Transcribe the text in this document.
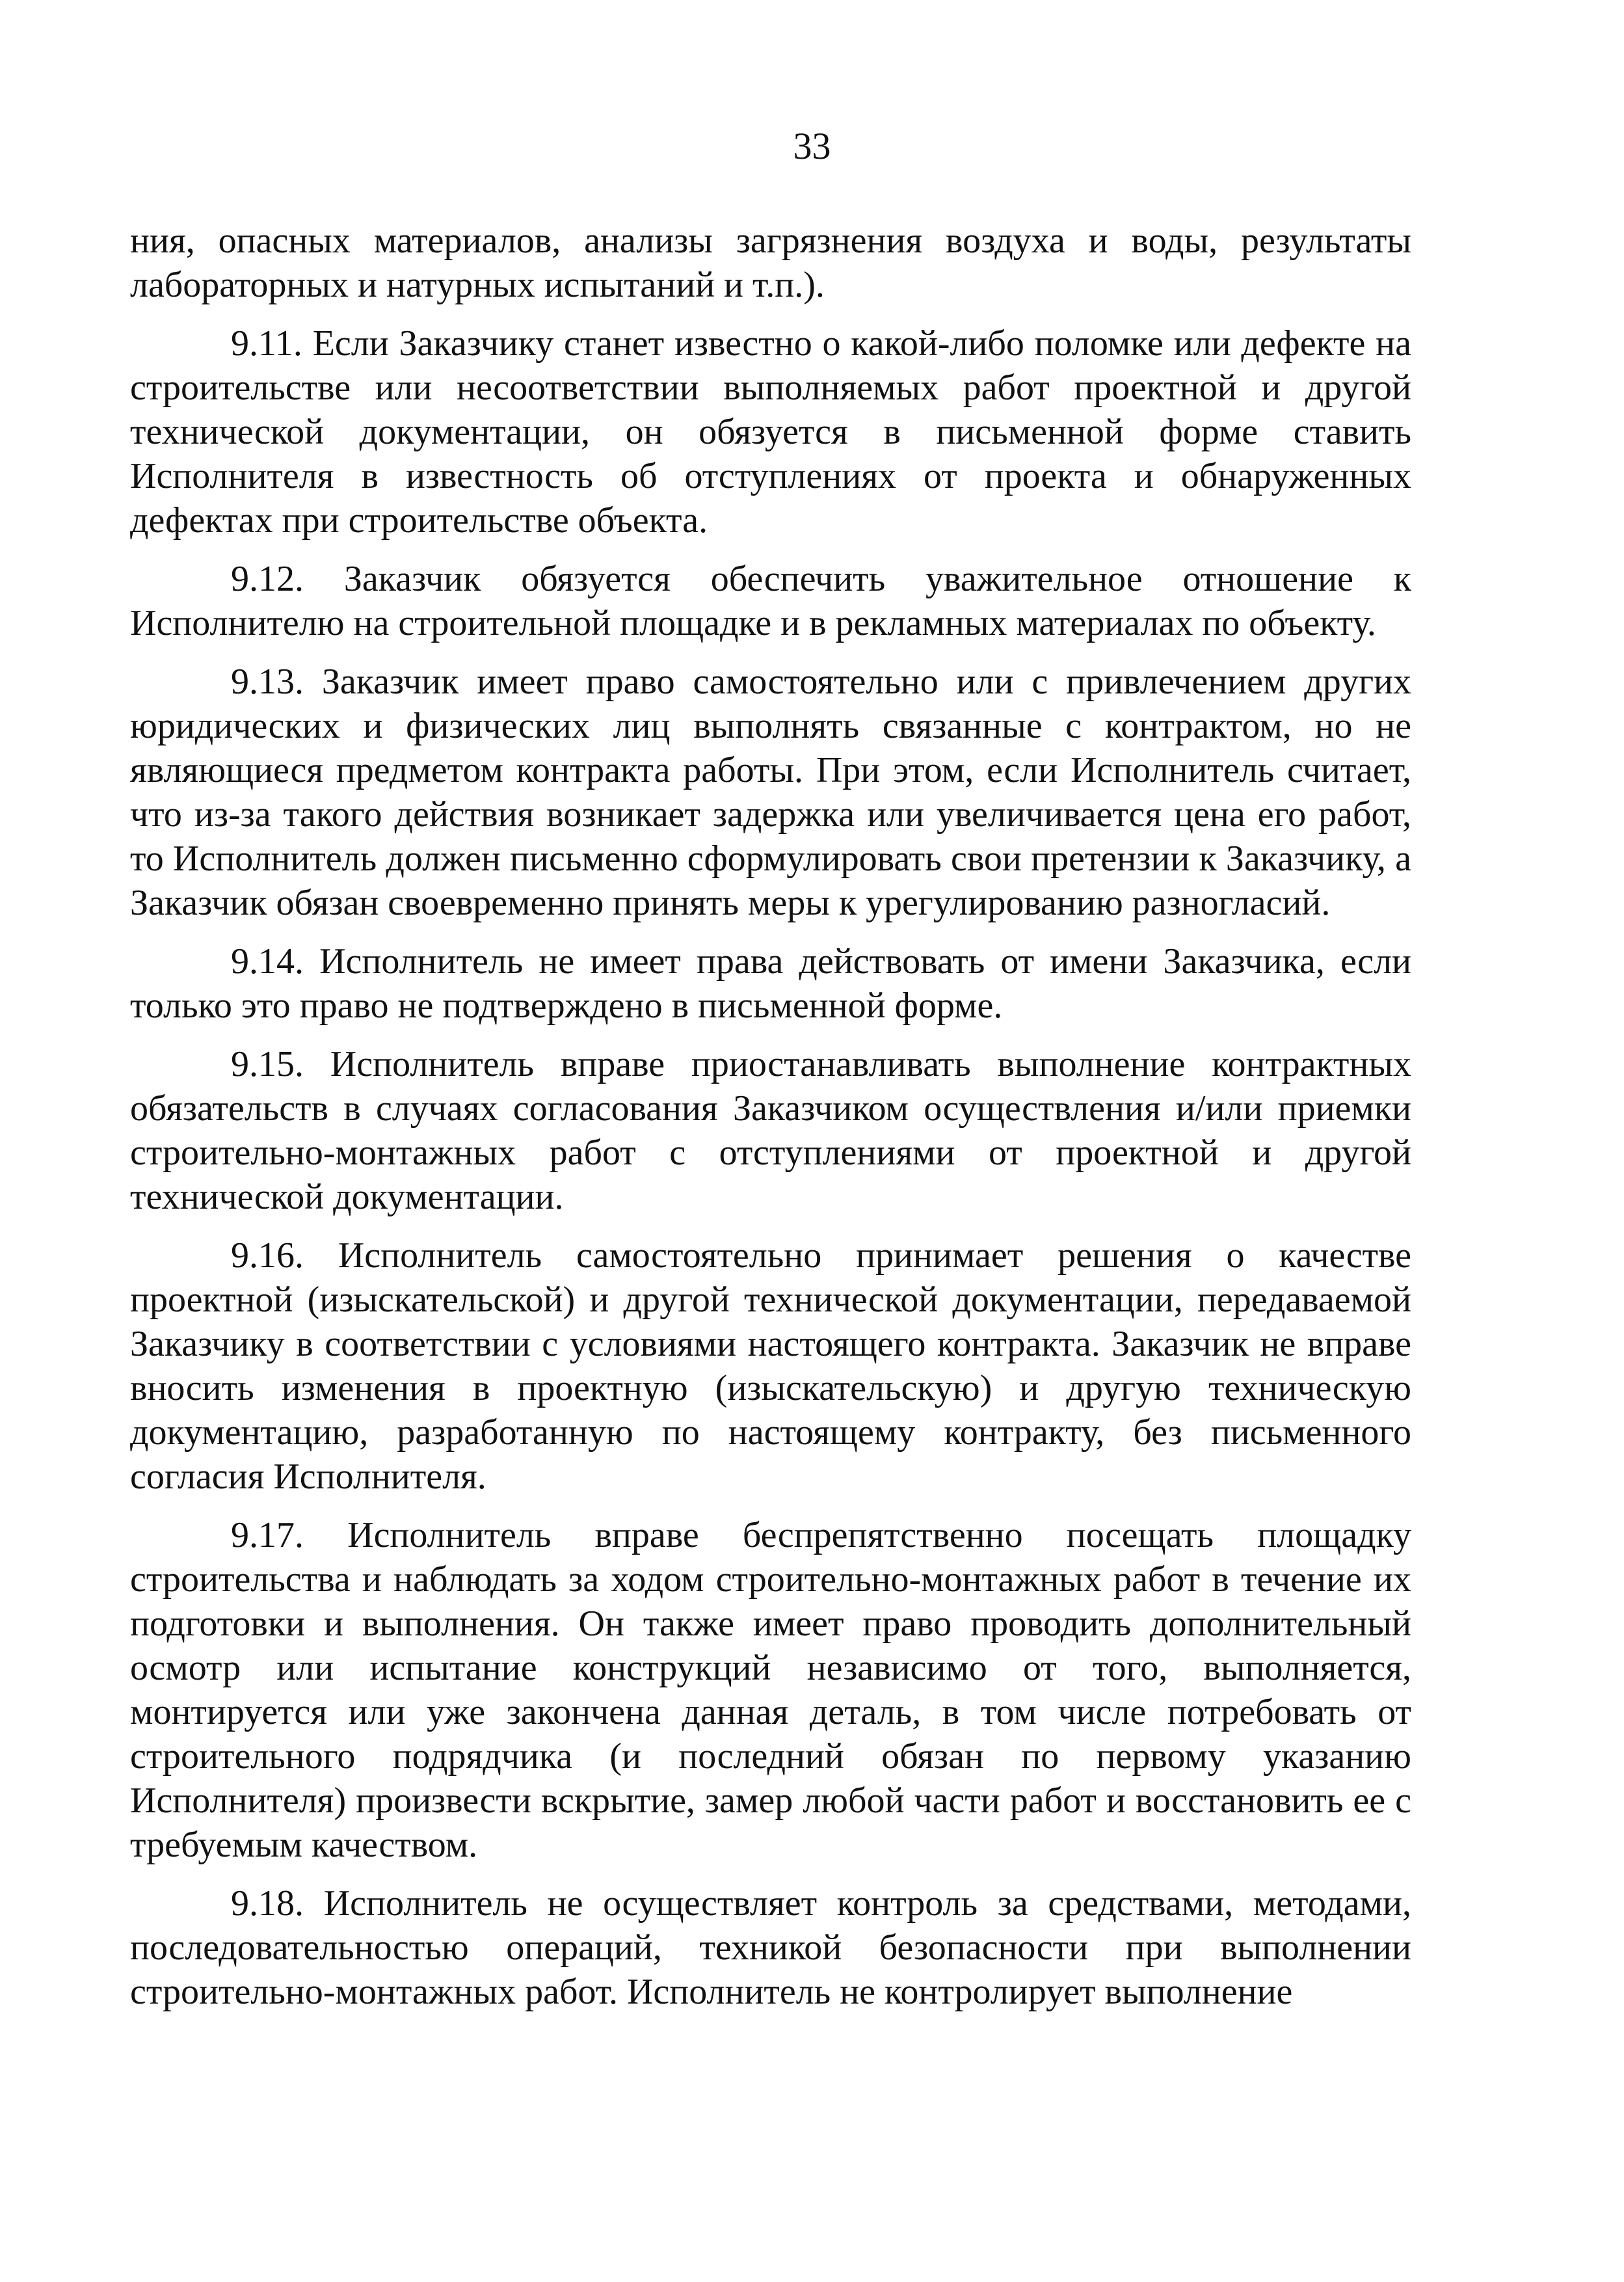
33

ния, опасных материалов, анализы загрязнения воздуха и воды, результаты лабораторных и натурных испытаний и т.п.).

9.11. Если Заказчику станет известно о какой-либо поломке или дефекте на строительстве или несоответствии выполняемых работ проектной и другой технической документации, он обязуется в письменной форме ставить Исполнителя в известность об отступлениях от проекта и обнаруженных дефектах при строительстве объекта.

9.12. Заказчик обязуется обеспечить уважительное отношение к Исполнителю на строительной площадке и в рекламных материалах по объекту.

9.13. Заказчик имеет право самостоятельно или с привлечением других юридических и физических лиц выполнять связанные с контрактом, но не являющиеся предметом контракта работы. При этом, если Исполнитель считает, что из-за такого действия возникает задержка или увеличивается цена его работ, то Исполнитель должен письменно сформулировать свои претензии к Заказчику, а Заказчик обязан своевременно принять меры к урегулированию разногласий.

9.14. Исполнитель не имеет права действовать от имени Заказчика, если только это право не подтверждено в письменной форме.

9.15. Исполнитель вправе приостанавливать выполнение контрактных обязательств в случаях согласования Заказчиком осуществления и/или приемки строительно-монтажных работ с отступлениями от проектной и другой технической документации.

9.16. Исполнитель самостоятельно принимает решения о качестве проектной (изыскательской) и другой технической документации, передаваемой Заказчику в соответствии с условиями настоящего контракта. Заказчик не вправе вносить изменения в проектную (изыскательскую) и другую техническую документацию, разработанную по настоящему контракту, без письменного согласия Исполнителя.

9.17. Исполнитель вправе беспрепятственно посещать площадку строительства и наблюдать за ходом строительно-монтажных работ в течение их подготовки и выполнения. Он также имеет право проводить дополнительный осмотр или испытание конструкций независимо от того, выполняется, монтируется или уже закончена данная деталь, в том числе потребовать от строительного подрядчика (и последний обязан по первому указанию Исполнителя) произвести вскрытие, замер любой части работ и восстановить ее с требуемым качеством.

9.18. Исполнитель не осуществляет контроль за средствами, методами, последовательностью операций, техникой безопасности при выполнении строительно-монтажных работ. Исполнитель не контролирует выполнение
